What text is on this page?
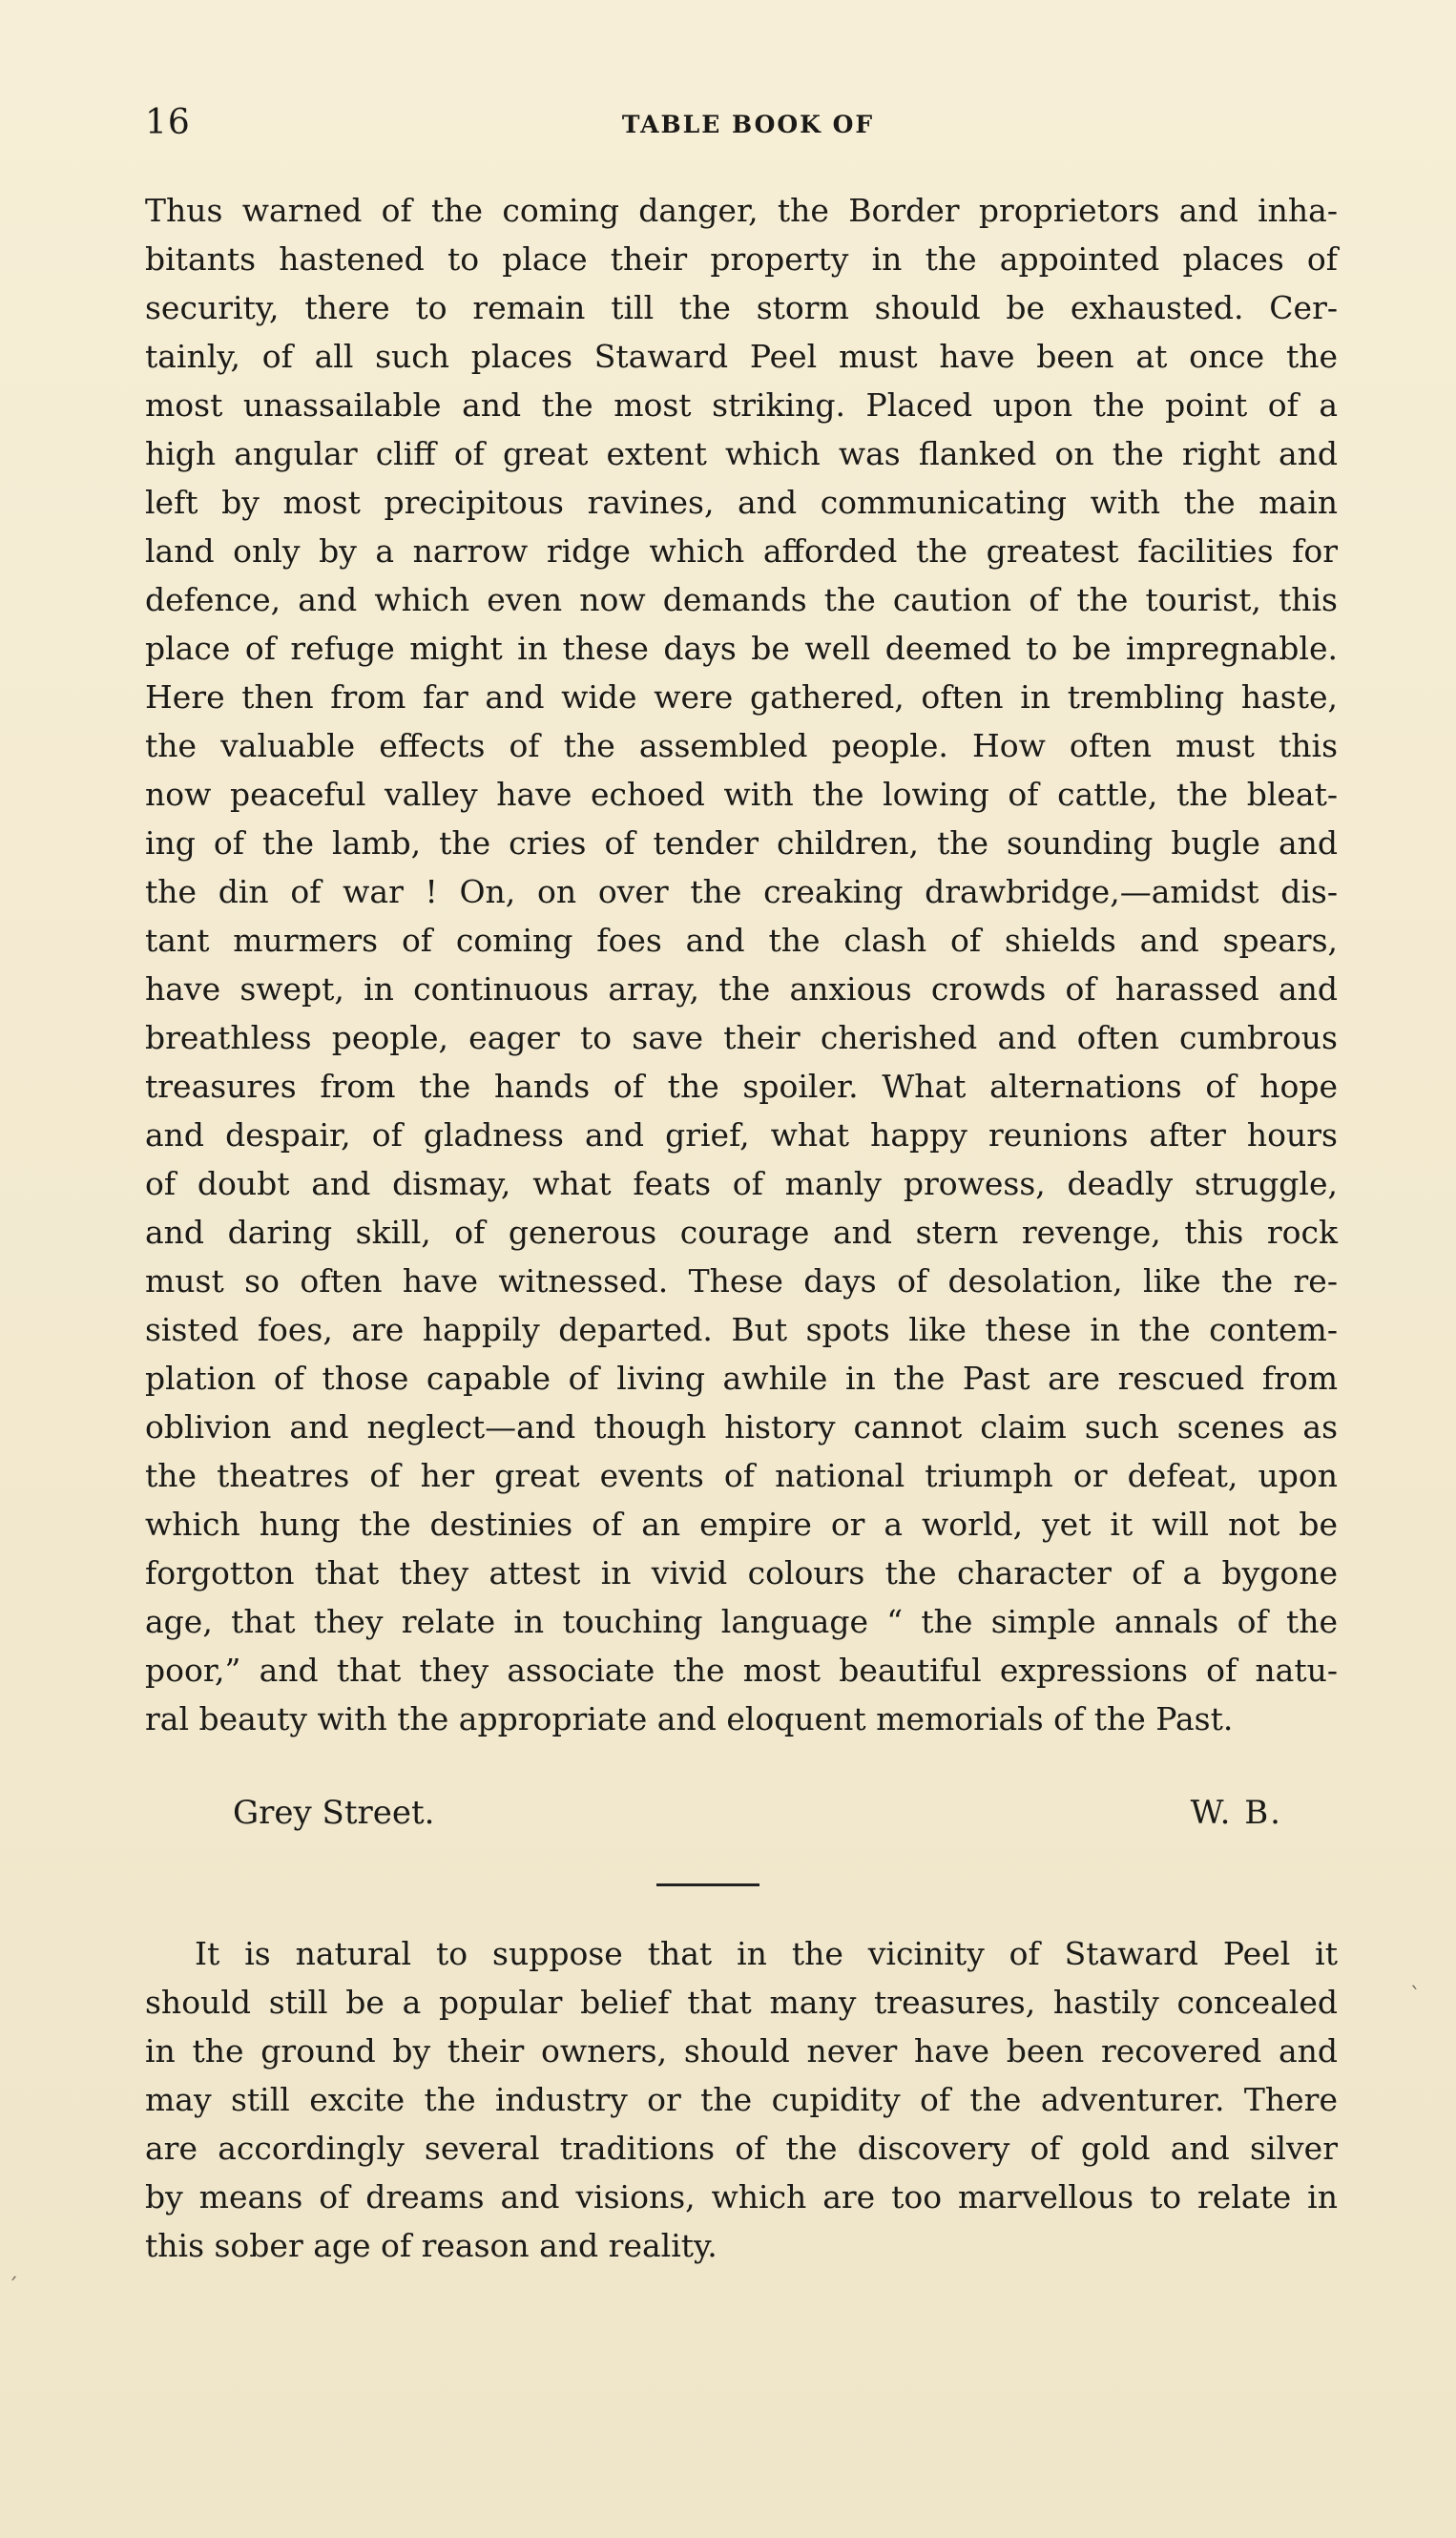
16	TABLE BOOK OF
Thus warned of the coming danger, the Border proprietors and inha-
bitants hastened to place their property in the appointed places of
security, there to remain till the storm should be exhausted. Cer-
tainly, of all such places Staward Peel must have been at once the
most unassailable and the most striking. Placed upon the point of a
high angular cliff of great extent which was flanked on the right and
left by most precipitous ravines, and communicating with the main
land only by a narrow ridge which afforded the greatest facilities for
defence, and which even now demands the caution of the tourist, this
place of refuge might in these days be well deemed to be impregnable.
Here then from far and wide were gathered, often in trembling haste,
the valuable effects of the assembled people. How often must this
now peaceful valley have echoed with the lowing of cattle, the bleat-
ing of the lamb, the cries of tender children, the sounding bugle and
the din of war ! On, on over the creaking drawbridge,—amidst dis-
tant murmers of coming foes and the clash of shields and spears,
have swept, in continuous array, the anxious crowds of harassed and
breathless people, eager to save their cherished and often cumbrous
treasures from the hands of the spoiler. What alternations of hope
and despair, of gladness and grief, what happy reunions after hours
of doubt and dismay, what feats of manly prowess, deadly struggle,
and daring skill, of generous courage and stern revenge, this rock
must so often have witnessed. These days of desolation, like the re-
sisted foes, are happily departed. But spots like these in the contem-
plation of those capable of living awhile in the Past are rescued from
oblivion and neglect—and though history cannot claim such scenes as
the theatres of her great events of national triumph or defeat, upon
which hung the destinies of an empire or a world, yet it will not be
forgotton that they attest in vivid colours the character of a bygone
age, that they relate in touching language “ the simple annals of the
poor,” and that they associate the most beautiful expressions of natu-
ral beauty with the appropriate and eloquent memorials of the Past.
Grey Street.	W. B.
It is natural to suppose that in the vicinity of Staward Peel it
should still be a popular belief that many treasures, hastily concealed
in the ground by their owners, should never have been recovered and
may still excite the industry or the cupidity of the adventurer. There
are accordingly several traditions of the discovery of gold and silver
by means of dreams and visions, which are too marvellous to relate in
this sober age of reason and reality.
ˋ
ˊ
